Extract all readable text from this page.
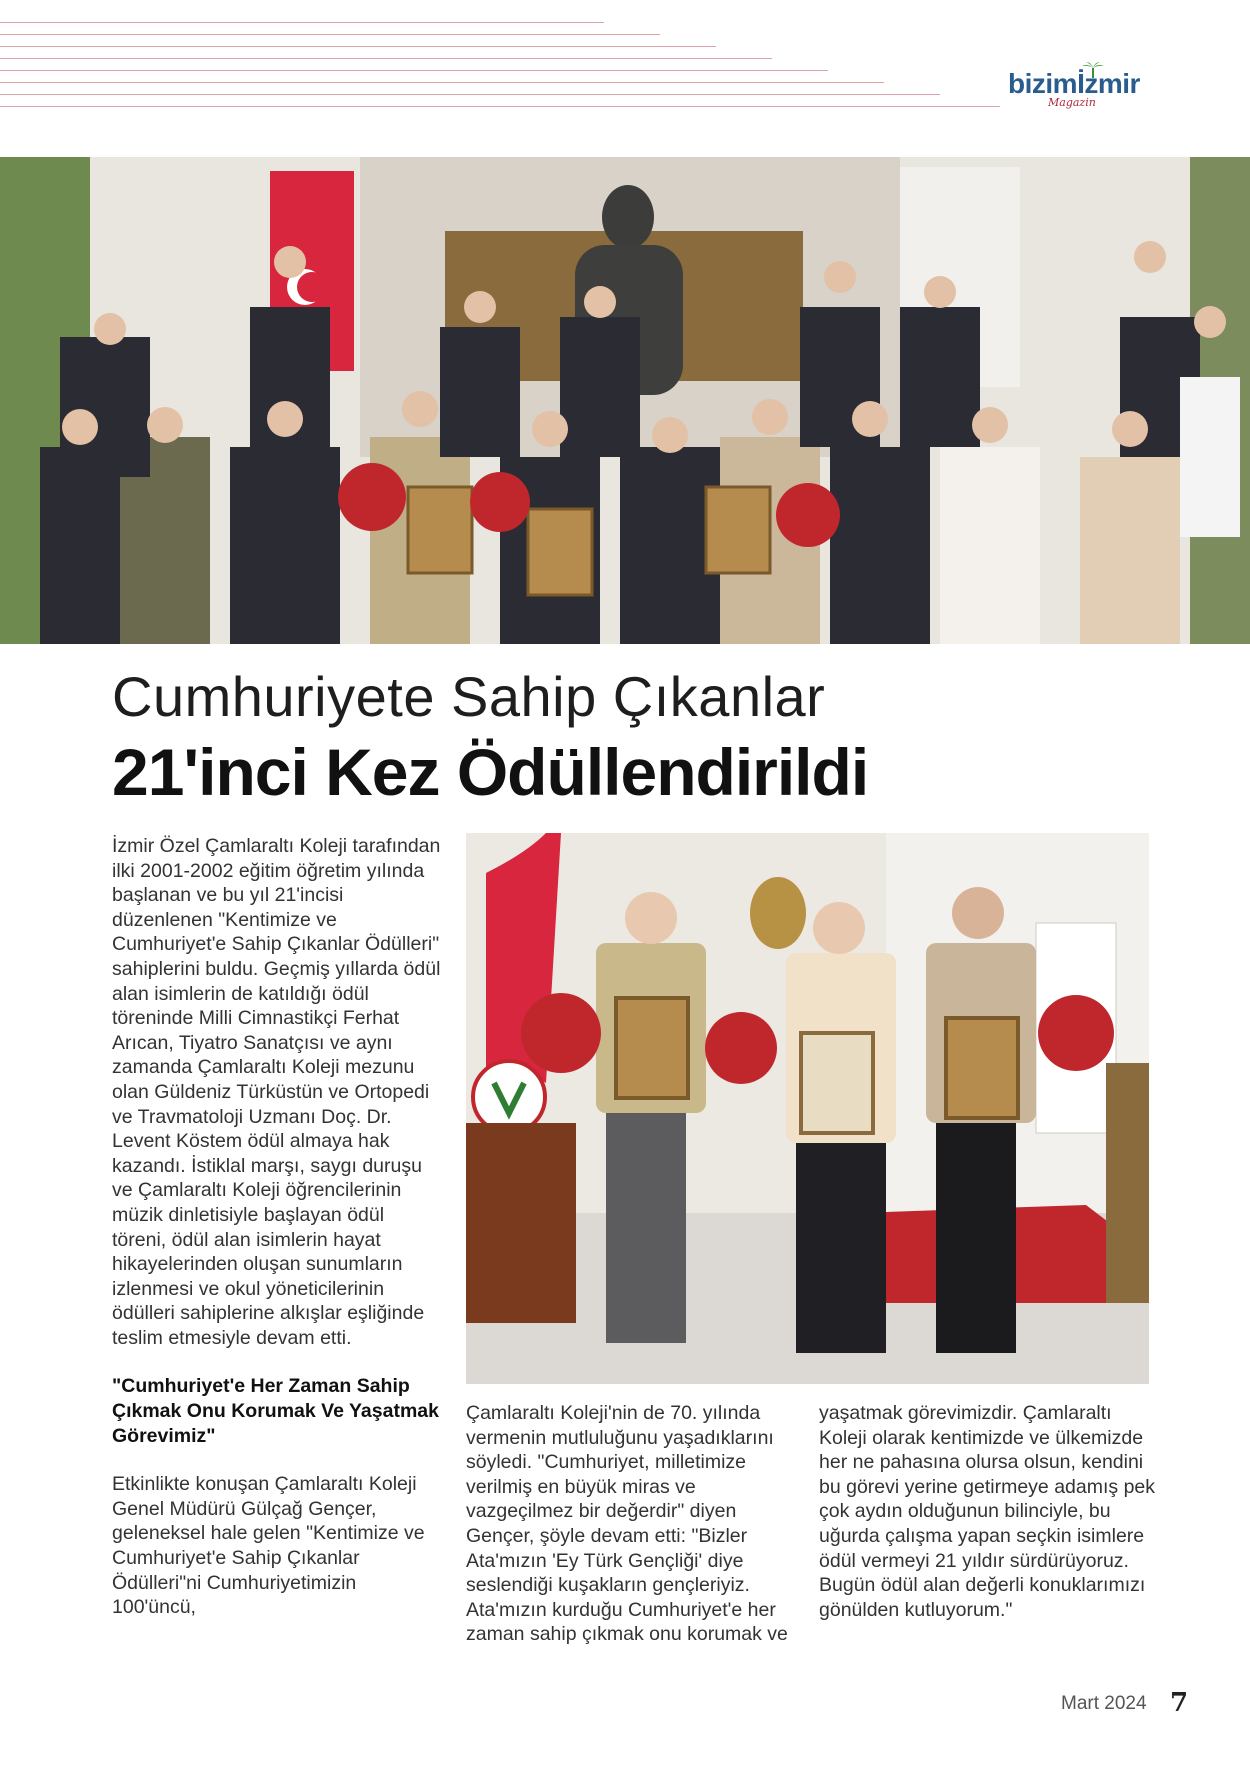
bizimİzmir
Magazin
Cumhuriyete Sahip Çıkanlar
21'inci Kez Ödüllendirildi

İzmir Özel Çamlaraltı Koleji tarafından ilki 2001-2002 eğitim öğretim yılında başlanan ve bu yıl 21'incisi düzenlenen "Kentimize ve Cumhuriyet'e Sahip Çıkanlar Ödülleri" sahiplerini buldu. Geçmiş yıllarda ödül alan isimlerin de katıldığı ödül töreninde Milli Cimnastikçi Ferhat Arıcan, Tiyatro Sanatçısı ve aynı zamanda Çamlaraltı Koleji mezunu olan Güldeniz Türküstün ve Ortopedi ve Travmatoloji Uzmanı Doç. Dr. Levent Köstem ödül almaya hak kazandı. İstiklal marşı, saygı duruşu ve Çamlaraltı Koleji öğrencilerinin müzik dinletisiyle başlayan ödül töreni, ödül alan isimlerin hayat hikayelerinden oluşan sunumların izlenmesi ve okul yöneticilerinin ödülleri sahiplerine alkışlar eşliğinde teslim etmesiyle devam etti.

"Cumhuriyet'e Her Zaman Sahip Çıkmak Onu Korumak Ve Yaşatmak Görevimiz"

Etkinlikte konuşan Çamlaraltı Koleji Genel Müdürü Gülçağ Gençer, geleneksel hale gelen "Kentimize ve Cumhuriyet'e Sahip Çıkanlar Ödülleri"ni Cumhuriyetimizin 100'üncü,

Çamlaraltı Koleji'nin de 70. yılında vermenin mutluluğunu yaşadıklarını söyledi. "Cumhuriyet, milletimize verilmiş en büyük miras ve vazgeçilmez bir değerdir" diyen Gençer, şöyle devam etti: "Bizler Ata'mızın 'Ey Türk Gençliği' diye seslendiği kuşakların gençleriyiz. Ata'mızın kurduğu Cumhuriyet'e her zaman sahip çıkmak onu korumak ve

yaşatmak görevimizdir. Çamlaraltı Koleji olarak kentimizde ve ülkemizde her ne pahasına olursa olsun, kendini bu görevi yerine getirmeye adamış pek çok aydın olduğunun bilinciyle, bu uğurda çalışma yapan seçkin isimlere ödül vermeyi 21 yıldır sürdürüyoruz. Bugün ödül alan değerli konuklarımızı gönülden kutluyorum."

Mart 2024 7
